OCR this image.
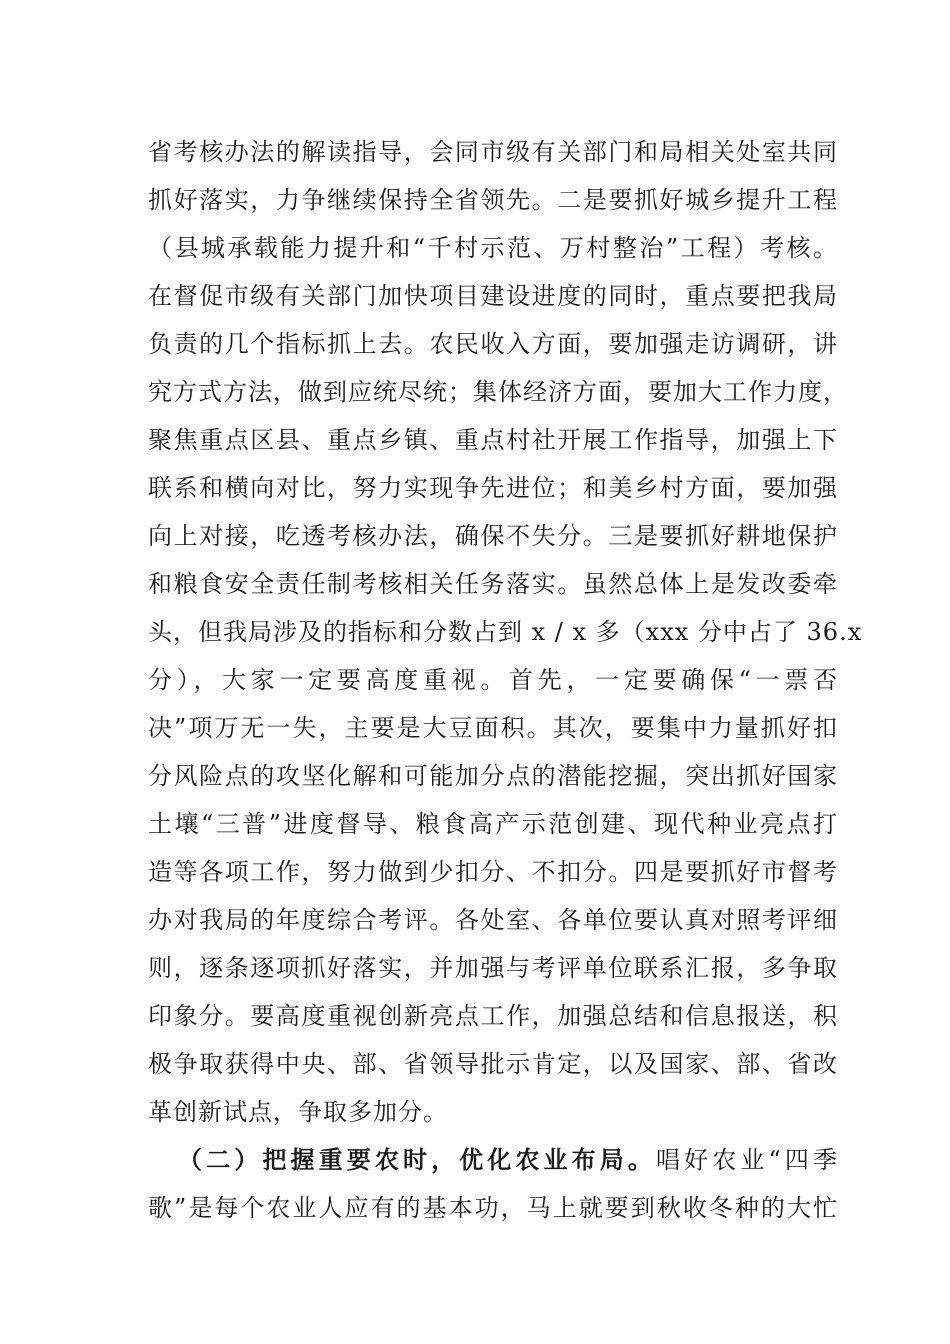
省考核办法的解读指导，会同市级有关部门和局相关处室共同
抓好落实，力争继续保持全省领先。二是要抓好城乡提升工程
（县城承载能力提升和“千村示范、万村整治”工程）考核。
在督促市级有关部门加快项目建设进度的同时，重点要把我局
负责的几个指标抓上去。农民收入方面，要加强走访调研，讲
究方式方法，做到应统尽统；集体经济方面，要加大工作力度，
聚焦重点区县、重点乡镇、重点村社开展工作指导，加强上下
联系和横向对比，努力实现争先进位；和美乡村方面，要加强
向上对接，吃透考核办法，确保不失分。三是要抓好耕地保护
和粮食安全责任制考核相关任务落实。虽然总体上是发改委牵
头，但我局涉及的指标和分数占到 x / x 多（xxx 分中占了 36.x
分），大家一定要高度重视。首先，一定要确保“一票否
决”项万无一失，主要是大豆面积。其次，要集中力量抓好扣
分风险点的攻坚化解和可能加分点的潜能挖掘，突出抓好国家
土壤“三普”进度督导、粮食高产示范创建、现代种业亮点打
造等各项工作，努力做到少扣分、不扣分。四是要抓好市督考
办对我局的年度综合考评。各处室、各单位要认真对照考评细
则，逐条逐项抓好落实，并加强与考评单位联系汇报，多争取
印象分。要高度重视创新亮点工作，加强总结和信息报送，积
极争取获得中央、部、省领导批示肯定，以及国家、部、省改
革创新试点，争取多加分。
（二）把握重要农时，优化农业布局。唱好农业“四季
歌”是每个农业人应有的基本功，马上就要到秋收冬种的大忙
